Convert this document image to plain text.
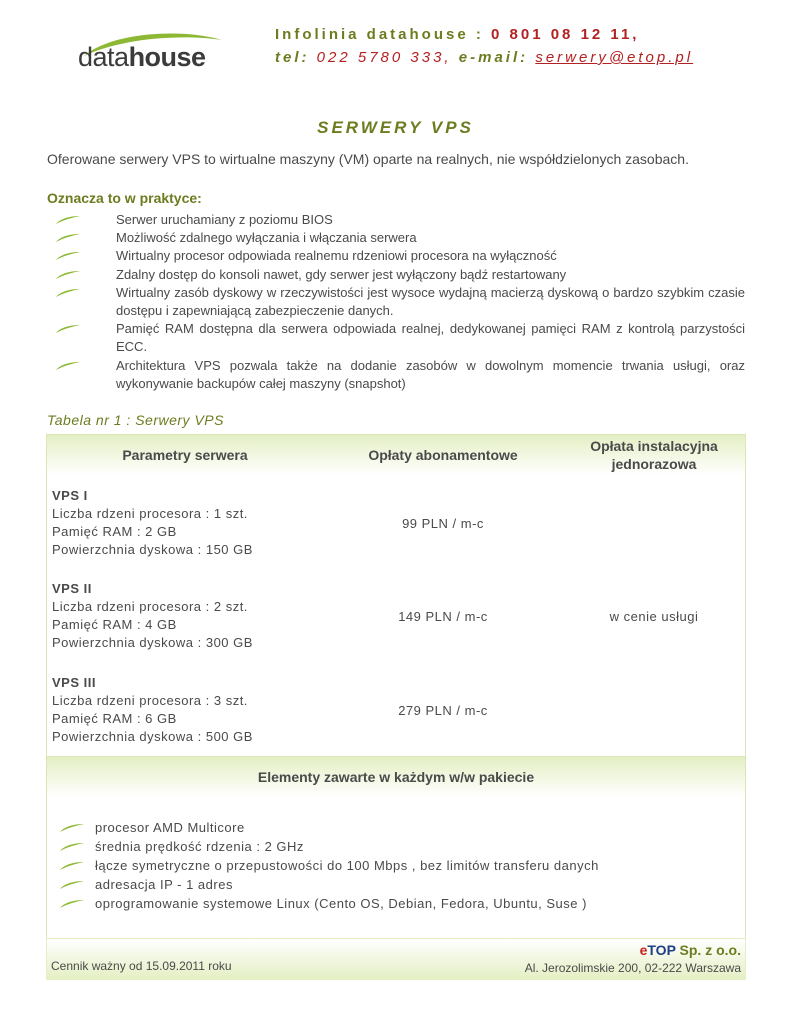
datahouse
Infolinia datahouse : 0 801 08 12 11,
tel: 022 5780 333, e-mail: serwery@etop.pl
SERWERY VPS
Oferowane serwery VPS to wirtualne maszyny (VM) oparte na realnych, nie współdzielonych zasobach.
Oznacza to w praktyce:
Serwer uruchamiany z poziomu BIOS
Możliwość zdalnego wyłączania i włączania serwera
Wirtualny procesor odpowiada realnemu rdzeniowi procesora na wyłączność
Zdalny dostęp do konsoli nawet, gdy serwer jest wyłączony bądź restartowany
Wirtualny zasób dyskowy w rzeczywistości jest wysoce wydajną macierzą dyskową o bardzo szybkim czasie dostępu i zapewniającą zabezpieczenie danych.
Pamięć RAM dostępna dla serwera odpowiada realnej, dedykowanej pamięci RAM z kontrolą parzystości ECC.
Architektura VPS pozwala także na dodanie zasobów w dowolnym momencie trwania usługi, oraz wykonywanie backupów całej maszyny (snapshot)
Tabela nr 1 : Serwery VPS
Parametry serwera	Opłaty abonamentowe
Opłata instalacyjna jednorazowa
VPS I
Liczba rdzeni procesora : 1 szt.
Pamięć RAM : 2 GB
Powierzchnia dyskowa : 150 GB
99 PLN / m-c
VPS II
Liczba rdzeni procesora : 2 szt.
Pamięć RAM : 4 GB
Powierzchnia dyskowa : 300 GB
149 PLN / m-c	w cenie usługi
VPS III
Liczba rdzeni procesora : 3 szt.
Pamięć RAM : 6 GB
Powierzchnia dyskowa : 500 GB
279 PLN / m-c
Elementy zawarte w każdym w/w pakiecie
procesor AMD Multicore
średnia prędkość rdzenia : 2 GHz
łącze symetryczne o przepustowości do 100 Mbps , bez limitów transferu danych
adresacja IP - 1 adres
oprogramowanie systemowe Linux (Cento OS, Debian, Fedora, Ubuntu, Suse )
Cennik ważny od 15.09.2011 roku
eTOP Sp. z o.o.
Al. Jerozolimskie 200, 02-222 Warszawa
